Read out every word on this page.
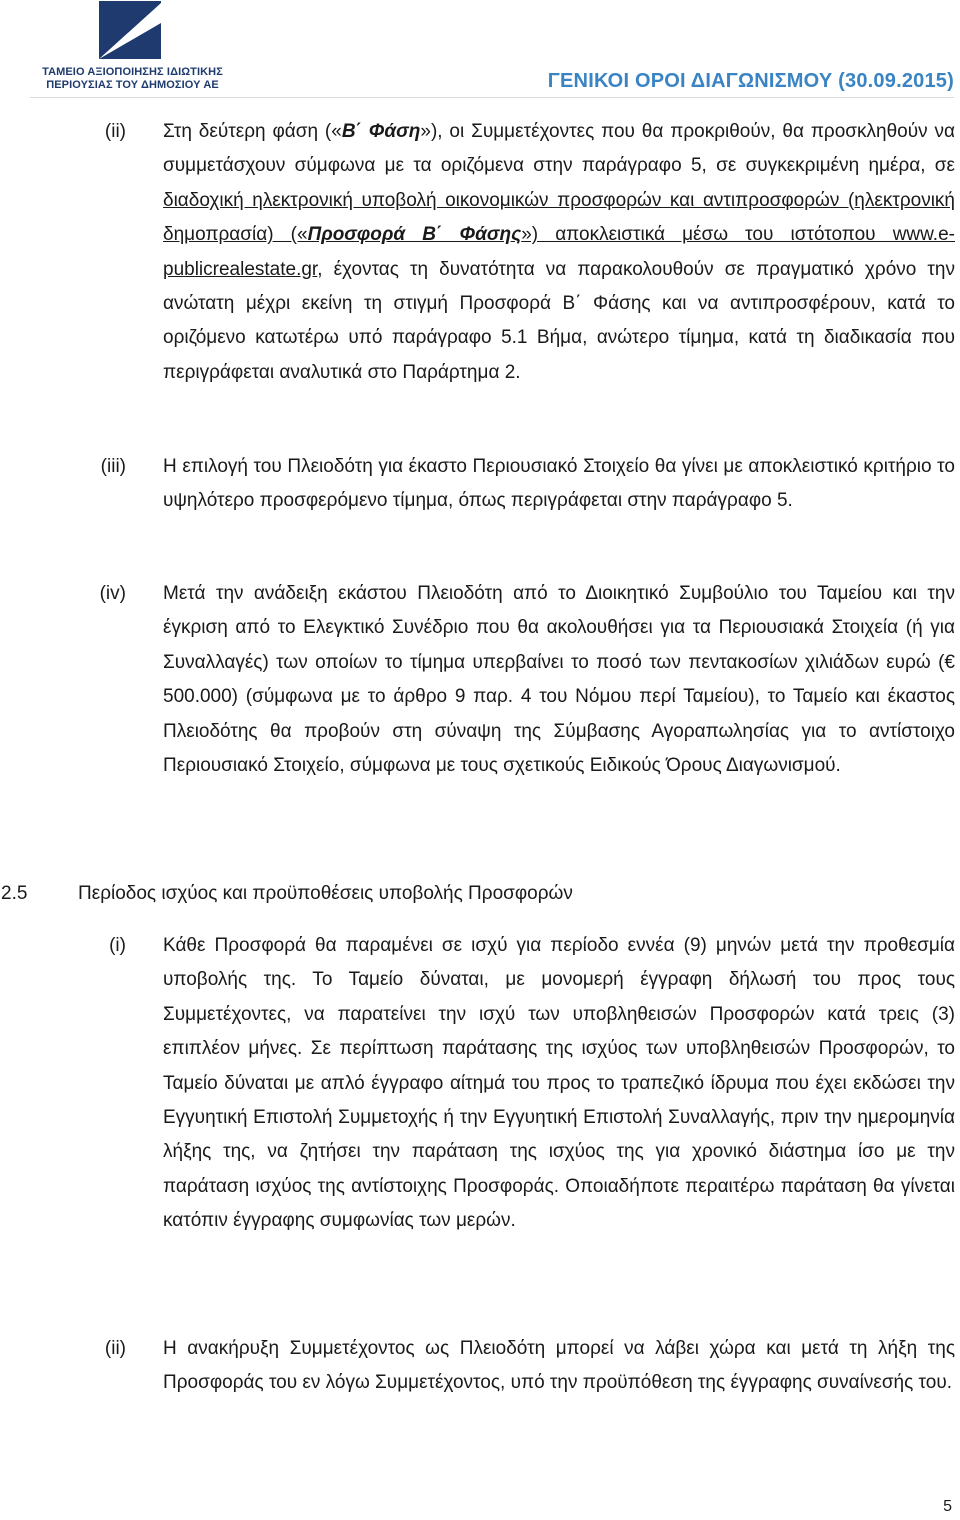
ΤΑΜΕΙΟ ΑΞΙΟΠΟΙΗΣΗΣ ΙΔΙΩΤΙΚΗΣ
ΠΕΡΙΟΥΣΙΑΣ ΤΟΥ ΔΗΜΟΣΙΟΥ ΑΕ	ΓΕΝΙΚΟΙ ΟΡΟΙ ΔΙΑΓΩΝΙΣΜΟΥ (30.09.2015)
(ii) Στη δεύτερη φάση («Β΄ Φάση»), οι Συμμετέχοντες που θα προκριθούν, θα προσκληθούν να συμμετάσχουν σύμφωνα με τα οριζόμενα στην παράγραφο 5, σε συγκεκριμένη ημέρα, σε διαδοχική ηλεκτρονική υποβολή οικονομικών προσφορών και αντιπροσφορών (ηλεκτρονική δημοπρασία) («Προσφορά Β΄ Φάσης») αποκλειστικά μέσω του ιστότοπου www.e-publicrealestate.gr, έχοντας τη δυνατότητα να παρακολουθούν σε πραγματικό χρόνο την ανώτατη μέχρι εκείνη τη στιγμή Προσφορά Β΄ Φάσης και να αντιπροσφέρουν, κατά το οριζόμενο κατωτέρω υπό παράγραφο 5.1 Βήμα, ανώτερο τίμημα, κατά τη διαδικασία που περιγράφεται αναλυτικά στο Παράρτημα 2.
(iii) Η επιλογή του Πλειοδότη για έκαστο Περιουσιακό Στοιχείο θα γίνει με αποκλειστικό κριτήριο το υψηλότερο προσφερόμενο τίμημα, όπως περιγράφεται στην παράγραφο 5.
(iv) Μετά την ανάδειξη εκάστου Πλειοδότη από το Διοικητικό Συμβούλιο του Ταμείου και την έγκριση από το Ελεγκτικό Συνέδριο που θα ακολουθήσει για τα Περιουσιακά Στοιχεία (ή για Συναλλαγές) των οποίων το τίμημα υπερβαίνει το ποσό των πεντακοσίων χιλιάδων ευρώ (€ 500.000) (σύμφωνα με το άρθρο 9 παρ. 4 του Νόμου περί Ταμείου), το Ταμείο και έκαστος Πλειοδότης θα προβούν στη σύναψη της Σύμβασης Αγοραπωλησίας για το αντίστοιχο Περιουσιακό Στοιχείο, σύμφωνα με τους σχετικούς Ειδικούς Όρους Διαγωνισμού.
2.5	Περίοδος ισχύος και προϋποθέσεις υποβολής Προσφορών
(i) Κάθε Προσφορά θα παραμένει σε ισχύ για περίοδο εννέα (9) μηνών μετά την προθεσμία υποβολής της. Το Ταμείο δύναται, με μονομερή έγγραφη δήλωσή του προς τους Συμμετέχοντες, να παρατείνει την ισχύ των υποβληθεισών Προσφορών κατά τρεις (3) επιπλέον μήνες. Σε περίπτωση παράτασης της ισχύος των υποβληθεισών Προσφορών, το Ταμείο δύναται με απλό έγγραφο αίτημά του προς το τραπεζικό ίδρυμα που έχει εκδώσει την Εγγυητική Επιστολή Συμμετοχής ή την Εγγυητική Επιστολή Συναλλαγής, πριν την ημερομηνία λήξης της, να ζητήσει την παράταση της ισχύος της για χρονικό διάστημα ίσο με την παράταση ισχύος της αντίστοιχης Προσφοράς. Οποιαδήποτε περαιτέρω παράταση θα γίνεται κατόπιν έγγραφης συμφωνίας των μερών.
(ii) Η ανακήρυξη Συμμετέχοντος ως Πλειοδότη μπορεί να λάβει χώρα και μετά τη λήξη της Προσφοράς του εν λόγω Συμμετέχοντος, υπό την προϋπόθεση της έγγραφης συναίνεσής του.
5
